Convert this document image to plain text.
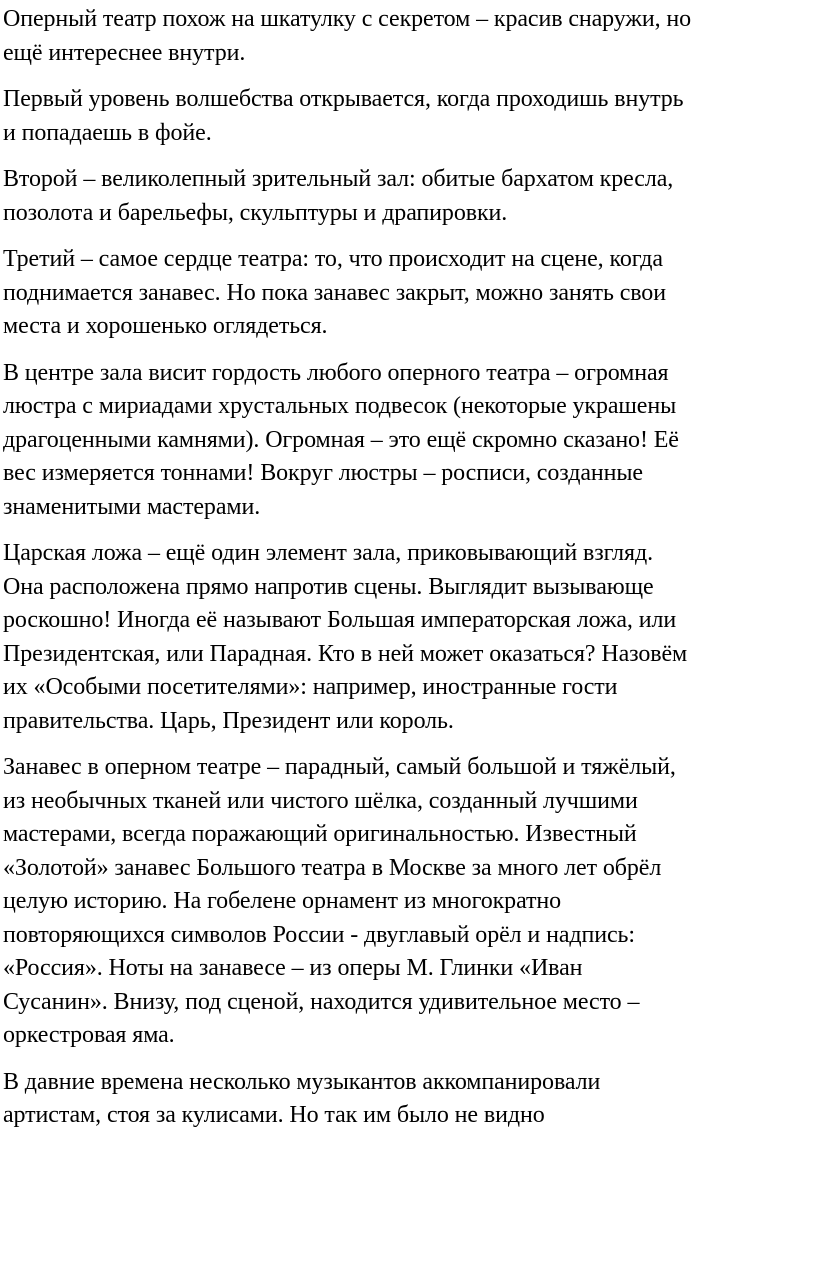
Оперный театр похож на шкатулку с секретом – красив снаружи, но
ещё интереснее внутри.

Первый уровень волшебства открывается, когда проходишь внутрь
и попадаешь в фойе.

Второй – великолепный зрительный зал: обитые бархатом кресла,
позолота и барельефы, скульптуры и драпировки.

Третий – самое сердце театра: то, что происходит на сцене, когда
поднимается занавес. Но пока занавес закрыт, можно занять свои
места и хорошенько оглядеться.

В центре зала висит гордость любого оперного театра – огромная
люстра с мириадами хрустальных подвесок (некоторые украшены
драгоценными камнями). Огромная – это ещё скромно сказано! Её
вес измеряется тоннами! Вокруг люстры – росписи, созданные
знаменитыми мастерами.

Царская ложа – ещё один элемент зала, приковывающий взгляд.
Она расположена прямо напротив сцены. Выглядит вызывающе
роскошно! Иногда её называют Большая императорская ложа, или
Президентская, или Парадная. Кто в ней может оказаться? Назовём
их «Особыми посетителями»: например, иностранные гости
правительства. Царь, Президент или король.

Занавес в оперном театре – парадный, самый большой и тяжёлый,
из необычных тканей или чистого шёлка, созданный лучшими
мастерами, всегда поражающий оригинальностью. Известный
«Золотой» занавес Большого театра в Москве за много лет обрёл
целую историю. На гобелене орнамент из многократно
повторяющихся символов России - двуглавый орёл и надпись:
«Россия». Ноты на занавесе – из оперы М. Глинки «Иван
Сусанин». Внизу, под сценой, находится удивительное место –
оркестровая яма.

В давние времена несколько музыкантов аккомпанировали
артистам, стоя за кулисами. Но так им было не видно
